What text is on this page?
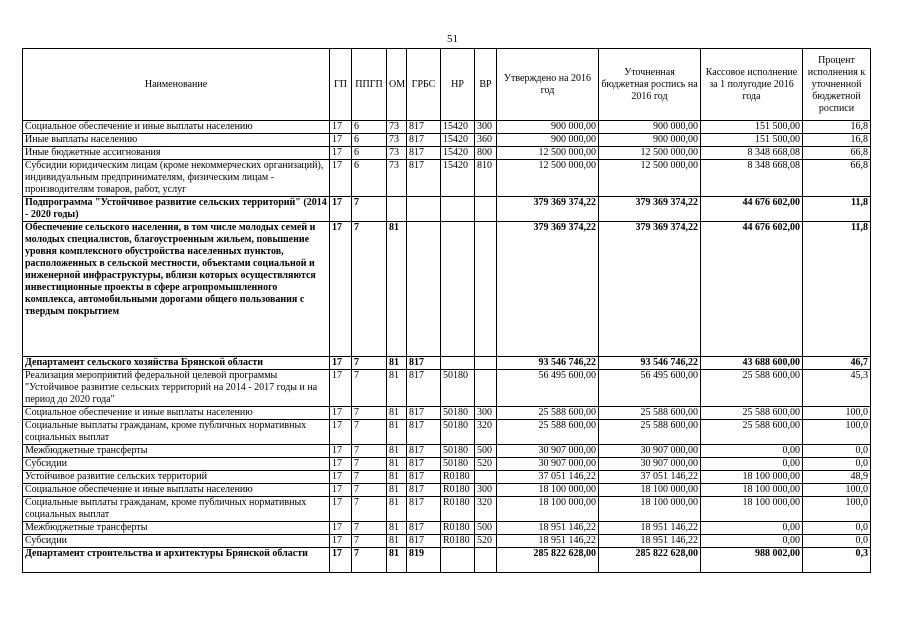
51
Наименование	ГП	ППГП	ОМ	ГРБС	НР	ВР	Утверждено на 2016 год	Уточненная бюджетная роспись на 2016 год	Кассовое исполнение за 1 полугодие 2016 года	Процент исполнения к уточненной бюджетной росписи
Социальное обеспечение и иные выплаты населению	17	6	73	817	15420	300	900 000,00	900 000,00	151 500,00	16,8
Иные выплаты населению	17	6	73	817	15420	360	900 000,00	900 000,00	151 500,00	16,8
Иные бюджетные ассигнования	17	6	73	817	15420	800	12 500 000,00	12 500 000,00	8 348 668,08	66,8
Субсидии юридическим лицам (кроме некоммерческих организаций), индивидуальным предпринимателям, физическим лицам - производителям товаров, работ, услуг	17	6	73	817	15420	810	12 500 000,00	12 500 000,00	8 348 668,08	66,8
Подпрограмма "Устойчивое развитие сельских территорий" (2014 - 2020 годы)	17	7					379 369 374,22	379 369 374,22	44 676 602,00	11,8
Обеспечение сельского населения, в том числе молодых семей и молодых специалистов, благоустроенным жильем, повышение уровня комплексного обустройства населенных пунктов, расположенных в сельской местности, объектами социальной и инженерной инфраструктуры, вблизи которых осуществляются инвестиционные проекты в сфере агропромышленного комплекса, автомобильными дорогами общего пользования с твердым покрытием	17	7	81				379 369 374,22	379 369 374,22	44 676 602,00	11,8
Департамент сельского хозяйства Брянской области	17	7	81	817			93 546 746,22	93 546 746,22	43 688 600,00	46,7
Реализация мероприятий федеральной целевой программы "Устойчивое развитие сельских территорий на 2014 - 2017 годы и на период до 2020 года"	17	7	81	817	50180		56 495 600,00	56 495 600,00	25 588 600,00	45,3
Социальное обеспечение и иные выплаты населению	17	7	81	817	50180	300	25 588 600,00	25 588 600,00	25 588 600,00	100,0
Социальные выплаты гражданам, кроме публичных нормативных социальных выплат	17	7	81	817	50180	320	25 588 600,00	25 588 600,00	25 588 600,00	100,0
Межбюджетные трансферты	17	7	81	817	50180	500	30 907 000,00	30 907 000,00	0,00	0,0
Субсидии	17	7	81	817	50180	520	30 907 000,00	30 907 000,00	0,00	0,0
Устойчивое развитие сельских территорий	17	7	81	817	R0180		37 051 146,22	37 051 146,22	18 100 000,00	48,9
Социальное обеспечение и иные выплаты населению	17	7	81	817	R0180	300	18 100 000,00	18 100 000,00	18 100 000,00	100,0
Социальные выплаты гражданам, кроме публичных нормативных социальных выплат	17	7	81	817	R0180	320	18 100 000,00	18 100 000,00	18 100 000,00	100,0
Межбюджетные трансферты	17	7	81	817	R0180	500	18 951 146,22	18 951 146,22	0,00	0,0
Субсидии	17	7	81	817	R0180	520	18 951 146,22	18 951 146,22	0,00	0,0
Департамент строительства и архитектуры Брянской области	17	7	81	819			285 822 628,00	285 822 628,00	988 002,00	0,3
